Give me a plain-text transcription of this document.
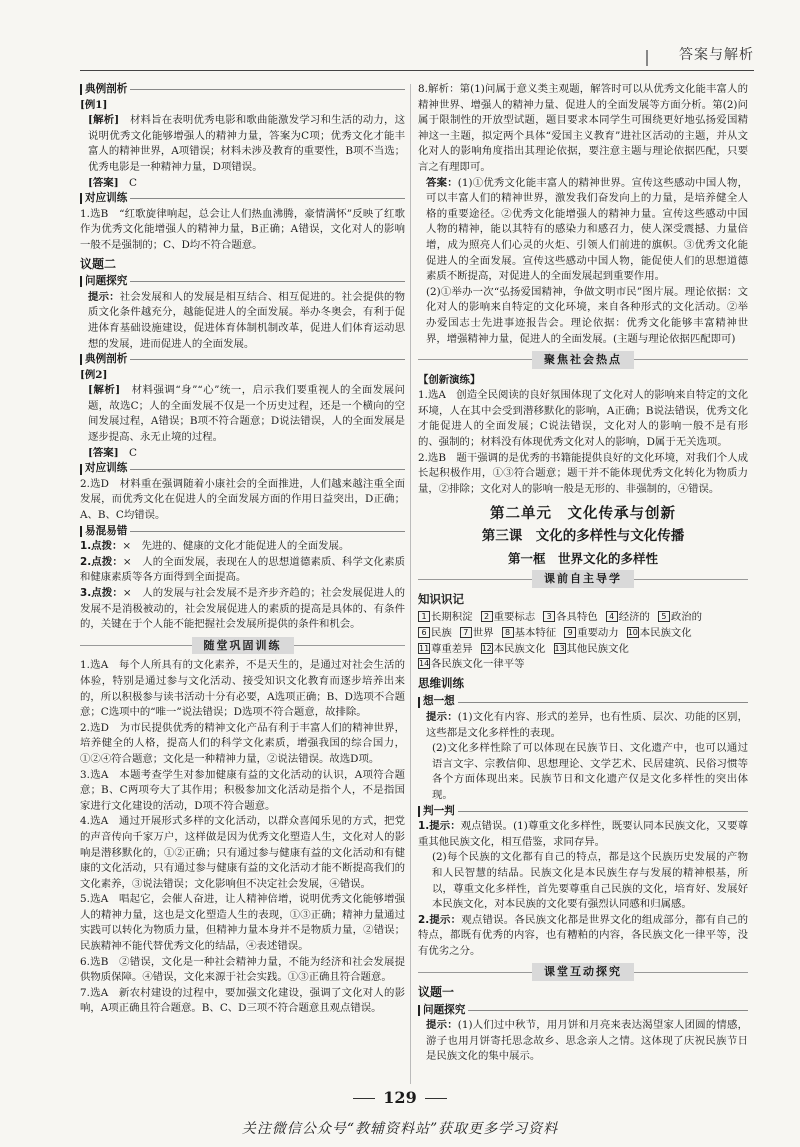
答案与解析
典例剖析

[例1]

[解析]　 材料旨在表明优秀电影和歌曲能激发学习和生活的动力，这说明优秀文化能够增强人的精神力量，答案为C项；优秀文化才能丰富人的精神世界，A项错误；材料未涉及教育的重要性，B项不当选；优秀电影是一种精神力量，D项错误。

[答案]　 C

对应训练

1.选B　“红歌旋律响起，总会让人们热血沸腾，豪情满怀”反映了红歌作为优秀文化能增强人的精神力量，B正确；A错误，文化对人的影响一般不是强制的；C、D均不符合题意。

议题二
问题探究

提示：社会发展和人的发展是相互结合、相互促进的。社会提供的物质文化条件越充分，越能促进人的全面发展。举办冬奥会，有利于促进体育基础设施建设，促进体育体制机制改革，促进人们体育运动思想的发展，进而促进人的全面发展。

典例剖析

[例2]

[解析]　 材料强调“身”“心”统一，启示我们要重视人的全面发展问题，故选C；人的全面发展不仅是一个历史过程，还是一个横向的空间发展过程，A错误；B项不符合题意；D说法错误，人的全面发展是逐步提高、永无止境的过程。

[答案]　 C

对应训练

2.选D　材料重在强调随着小康社会的全面推进，人们越来越注重全面发展，而优秀文化在促进人的全面发展方面的作用日益突出，D正确；A、B、C均错误。

易混易错

1.点拨：×　先进的、健康的文化才能促进人的全面发展。

2.点拨：×　人的全面发展，表现在人的思想道德素质、科学文化素质和健康素质等各方面得到全面提高。

3.点拨：×　人的发展与社会发展不是齐步齐趋的；社会发展促进人的发展不是消极被动的，社会发展促进人的素质的提高是具体的、有条件的，关键在于个人能不能把握社会发展所提供的条件和机会。

随堂巩固训练

1.选A　每个人所具有的文化素养，不是天生的，是通过对社会生活的体验，特别是通过参与文化活动、接受知识文化教育而逐步培养出来的，所以积极参与读书活动十分有必要，A选项正确；B、D选项不合题意；C选项中的“唯一”说法错误；D选项不符合题意，故排除。

2.选D　为市民提供优秀的精神文化产品有利于丰富人们的精神世界，培养健全的人格，提高人们的科学文化素质，增强我国的综合国力，①②④符合题意；文化是一种精神力量，②说法错误。故选D项。

3.选A　本题考查学生对参加健康有益的文化活动的认识，A项符合题意；B、C两项夸大了其作用；积极参加文化活动是指个人，不是指国家进行文化建设的活动，D项不符合题意。

4.选A　通过开展形式多样的文化活动，以群众喜闻乐见的方式，把党的声音传向千家万户，这样做是因为优秀文化塑造人生，文化对人的影响是潜移默化的，①②正确；只有通过参与健康有益的文化活动和有健康的文化活动，只有通过参与健康有益的文化活动才能不断提高我们的文化素养，③说法错误；文化影响但不决定社会发展，④错误。

5.选A　唱起它，会催人奋进，让人精神倍增，说明优秀文化能够增强人的精神力量，这也是文化塑造人生的表现，①③正确；精神力量通过实践可以转化为物质力量，但精神力量本身并不是物质力量，②错误；民族精神不能代替优秀文化的结晶，④表述错误。

6.选B　②错误，文化是一种社会精神力量，不能为经济和社会发展提供物质保障。④错误，文化来源于社会实践。①③正确且符合题意。

7.选A　新农村建设的过程中，要加强文化建设，强调了文化对人的影响，A项正确且符合题意。B、C、D三项不符合题意且观点错误。

8.解析：第(1)问属于意义类主观题，解答时可以从优秀文化能丰富人的精神世界、增强人的精神力量、促进人的全面发展等方面分析。第(2)问属于限制性的开放型试题，题目要求本同学生可围绕更好地弘扬爱国精神这一主题，拟定两个具体“爱国主义教育”进社区活动的主题，并从文化对人的影响角度指出其理论依据，要注意主题与理论依据匹配，只要言之有理即可。

答案：(1)①优秀文化能丰富人的精神世界。宣传这些感动中国人物，可以丰富人们的精神世界，激发我们奋发向上的力量，是培养健全人格的重要途径。②优秀文化能增强人的精神力量。宣传这些感动中国人物的精神，能以其特有的感染力和感召力，使人深受震撼、力量倍增，成为照亮人们心灵的火炬、引领人们前进的旗帜。③优秀文化能促进人的全面发展。宣传这些感动中国人物，能促使人们的思想道德素质不断提高，对促进人的全面发展起到重要作用。

(2)①举办一次“弘扬爱国精神，争做文明市民”图片展。理论依据：文化对人的影响来自特定的文化环境，来自各种形式的文化活动。②举办爱国志士先进事迹报告会。理论依据：优秀文化能够丰富精神世界，增强精神力量，促进人的全面发展。(主题与理论依据匹配即可)

聚焦社会热点

【创新演练】

1.选A　创造全民阅读的良好氛围体现了文化对人的影响来自特定的文化环境，人在其中会受到潜移默化的影响，A正确；B说法错误，优秀文化才能促进人的全面发展；C说法错误，文化对人的影响一般不是有形的、强制的；材料没有体现优秀文化对人的影响，D属于无关选项。

2.选B　题干强调的是优秀的书籍能提供良好的文化环境，对我们个人成长起积极作用，①③符合题意；题干并不能体现优秀文化转化为物质力量，②排除；文化对人的影响一般是无形的、非强制的，④错误。

第二单元　文化传承与创新
第三课　文化的多样性与文化传播
第一框　世界文化的多样性
课前自主导学
知识识记
1 长期积淀	2 重要标志	3 各具特色	4 经济的	5 政治的
6 民族	7 世界	8 基本特征	9 重要动力 10 本民族文化
11 尊重差异 12 本民族文化 13 其他民族文化
14 各民族文化一律平等
思维训练
想一想

提示：(1)文化有内容、形式的差异，也有性质、层次、功能的区别，这些都是文化多样性的表现。

(2)文化多样性除了可以体现在民族节日、文化遗产中，也可以通过语言文字、宗教信仰、思想理论、文学艺术、民居建筑、民俗习惯等各个方面体现出来。民族节日和文化遗产仅是文化多样性的突出体现。

判一判

1.提示：观点错误。(1)尊重文化多样性，既要认同本民族文化，又要尊重其他民族文化，相互借鉴，求同存异。

(2)每个民族的文化都有自己的特点，都是这个民族历史发展的产物和人民智慧的结晶。民族文化是本民族生存与发展的精神根基，所以，尊重文化多样性，首先要尊重自己民族的文化，培育好、发展好本民族文化，对本民族的文化要有强烈认同感和归属感。

2.提示：观点错误。各民族文化都是世界文化的组成部分，都有自己的特点，都既有优秀的内容，也有糟粕的内容，各民族文化一律平等，没有优劣之分。

课堂互动探究
议题一
问题探究

提示：(1)人们过中秋节，用月饼和月亮来表达渴望家人团圆的情感，游子也用月饼寄托思念故乡、思念亲人之情。这体现了庆祝民族节日是民族文化的集中展示。

129
关注微信公众号“教辅资料站”获取更多学习资料
